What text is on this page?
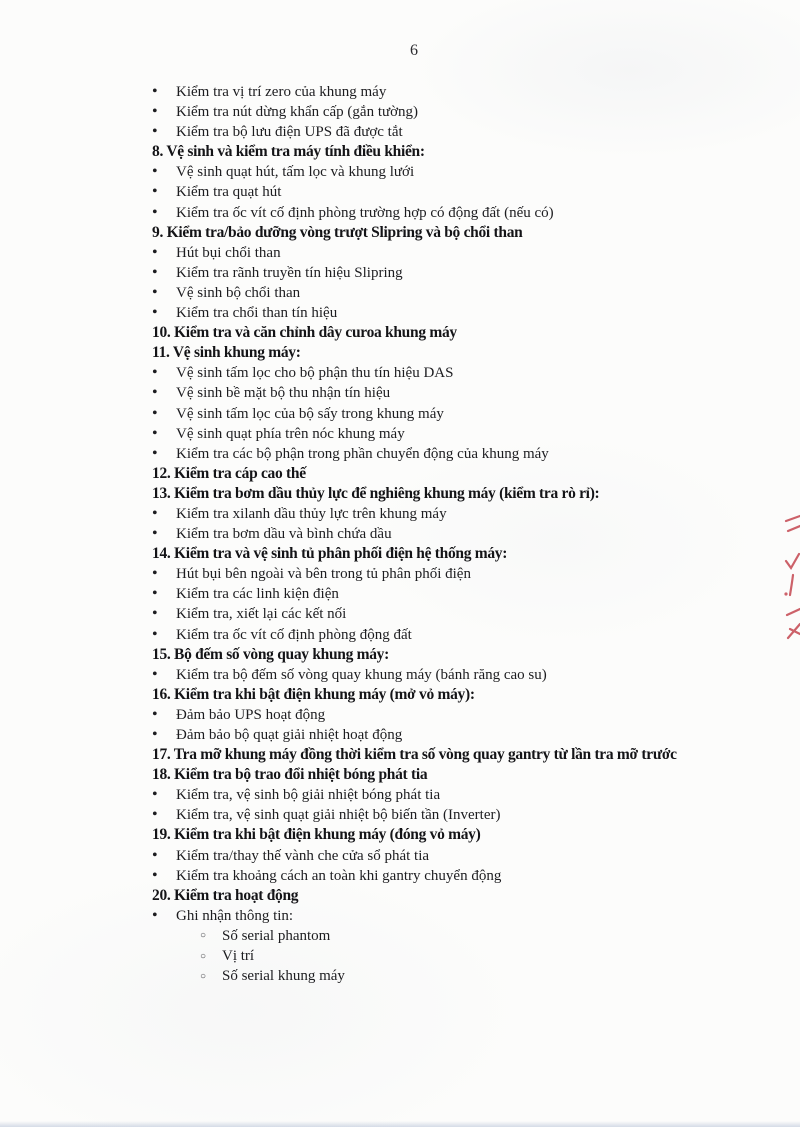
6
• Kiểm tra vị trí zero của khung máy
• Kiểm tra nút dừng khẩn cấp (gắn tường)
• Kiểm tra bộ lưu điện UPS đã được tắt
8. Vệ sinh và kiểm tra máy tính điều khiển:
• Vệ sinh quạt hút, tấm lọc và khung lưới
• Kiểm tra quạt hút
• Kiểm tra ốc vít cố định phòng trường hợp có động đất (nếu có)
9. Kiểm tra/bảo dưỡng vòng trượt Slipring và bộ chổi than
• Hút bụi chổi than
• Kiểm tra rãnh truyền tín hiệu Slipring
• Vệ sinh bộ chổi than
• Kiểm tra chổi than tín hiệu
10. Kiểm tra và căn chỉnh dây curoa khung máy
11. Vệ sinh khung máy:
• Vệ sinh tấm lọc cho bộ phận thu tín hiệu DAS
• Vệ sinh bề mặt bộ thu nhận tín hiệu
• Vệ sinh tấm lọc của bộ sấy trong khung máy
• Vệ sinh quạt phía trên nóc khung máy
• Kiểm tra các bộ phận trong phần chuyển động của khung máy
12. Kiểm tra cáp cao thế
13. Kiểm tra bơm dầu thủy lực để nghiêng khung máy (kiểm tra rò rỉ):
• Kiểm tra xilanh dầu thủy lực trên khung máy
• Kiểm tra bơm dầu và bình chứa dầu
14. Kiểm tra và vệ sinh tủ phân phối điện hệ thống máy:
• Hút bụi bên ngoài và bên trong tủ phân phối điện
• Kiểm tra các linh kiện điện
• Kiểm tra, xiết lại các kết nối
• Kiểm tra ốc vít cố định phòng động đất
15. Bộ đếm số vòng quay khung máy:
• Kiểm tra bộ đếm số vòng quay khung máy (bánh răng cao su)
16. Kiểm tra khi bật điện khung máy (mở vỏ máy):
• Đảm bảo UPS hoạt động
• Đảm bảo bộ quạt giải nhiệt hoạt động
17. Tra mỡ khung máy đồng thời kiểm tra số vòng quay gantry từ lần tra mỡ trước
18. Kiểm tra bộ trao đổi nhiệt bóng phát tia
• Kiểm tra, vệ sinh bộ giải nhiệt bóng phát tia
• Kiểm tra, vệ sinh quạt giải nhiệt bộ biến tần (Inverter)
19. Kiểm tra khi bật điện khung máy (đóng vỏ máy)
• Kiểm tra/thay thế vành che cửa sổ phát tia
• Kiểm tra khoảng cách an toàn khi gantry chuyển động
20. Kiểm tra hoạt động
• Ghi nhận thông tin:
○ Số serial phantom
○ Vị trí
○ Số serial khung máy
